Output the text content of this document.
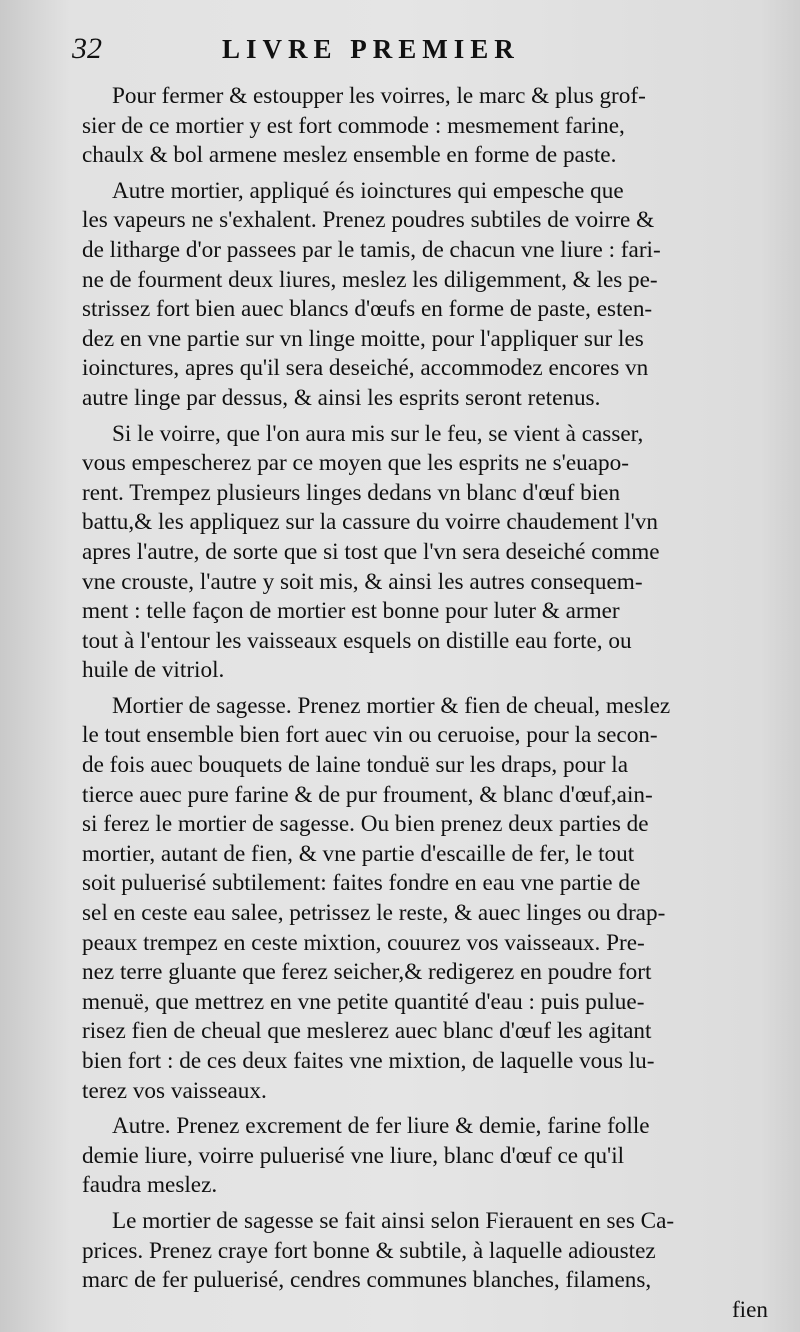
32	LIVRE PREMIER
Pour fermer & estoupper les voirres, le marc & plus grof-
sier de ce mortier y est fort commode : mesmement farine,
chaulx & bol armene meslez ensemble en forme de paste.
Autre mortier, appliqué és ioinctures qui empesche que
les vapeurs ne s'exhalent. Prenez poudres subtiles de voirre &
de litharge d'or passees par le tamis, de chacun vne liure : fari-
ne de fourment deux liures, meslez les diligemment, & les pe-
strissez fort bien auec blancs d'œufs en forme de paste, esten-
dez en vne partie sur vn linge moitte, pour l'appliquer sur les
ioinctures, apres qu'il sera deseiché, accommodez encores vn
autre linge par dessus, & ainsi les esprits seront retenus.
Si le voirre, que l'on aura mis sur le feu, se vient à casser,
vous empescherez par ce moyen que les esprits ne s'euapo-
rent. Trempez plusieurs linges dedans vn blanc d'œuf bien
battu,& les appliquez sur la cassure du voirre chaudement l'vn
apres l'autre, de sorte que si tost que l'vn sera deseiché comme
vne crouste, l'autre y soit mis, & ainsi les autres consequem-
ment : telle façon de mortier est bonne pour luter & armer
tout à l'entour les vaisseaux esquels on distille eau forte, ou
huile de vitriol.
Mortier de sagesse. Prenez mortier & fien de cheual, meslez
le tout ensemble bien fort auec vin ou ceruoise, pour la secon-
de fois auec bouquets de laine tonduë sur les draps, pour la
tierce auec pure farine & de pur froument, & blanc d'œuf,ain-
si ferez le mortier de sagesse. Ou bien prenez deux parties de
mortier, autant de fien, & vne partie d'escaille de fer, le tout
soit puluerisé subtilement: faites fondre en eau vne partie de
sel en ceste eau salee, petrissez le reste, & auec linges ou drap-
peaux trempez en ceste mixtion, couurez vos vaisseaux. Pre-
nez terre gluante que ferez seicher,& redigerez en poudre fort
menuë, que mettrez en vne petite quantité d'eau : puis pulue-
risez fien de cheual que meslerez auec blanc d'œuf les agitant
bien fort : de ces deux faites vne mixtion, de laquelle vous lu-
terez vos vaisseaux.
Autre. Prenez excrement de fer liure & demie, farine folle
demie liure, voirre puluerisé vne liure, blanc d'œuf ce qu'il
faudra meslez.
Le mortier de sagesse se fait ainsi selon Fierauent en ses Ca-
prices. Prenez craye fort bonne & subtile, à laquelle adioustez
marc de fer puluerisé, cendres communes blanches, filamens,
fien
